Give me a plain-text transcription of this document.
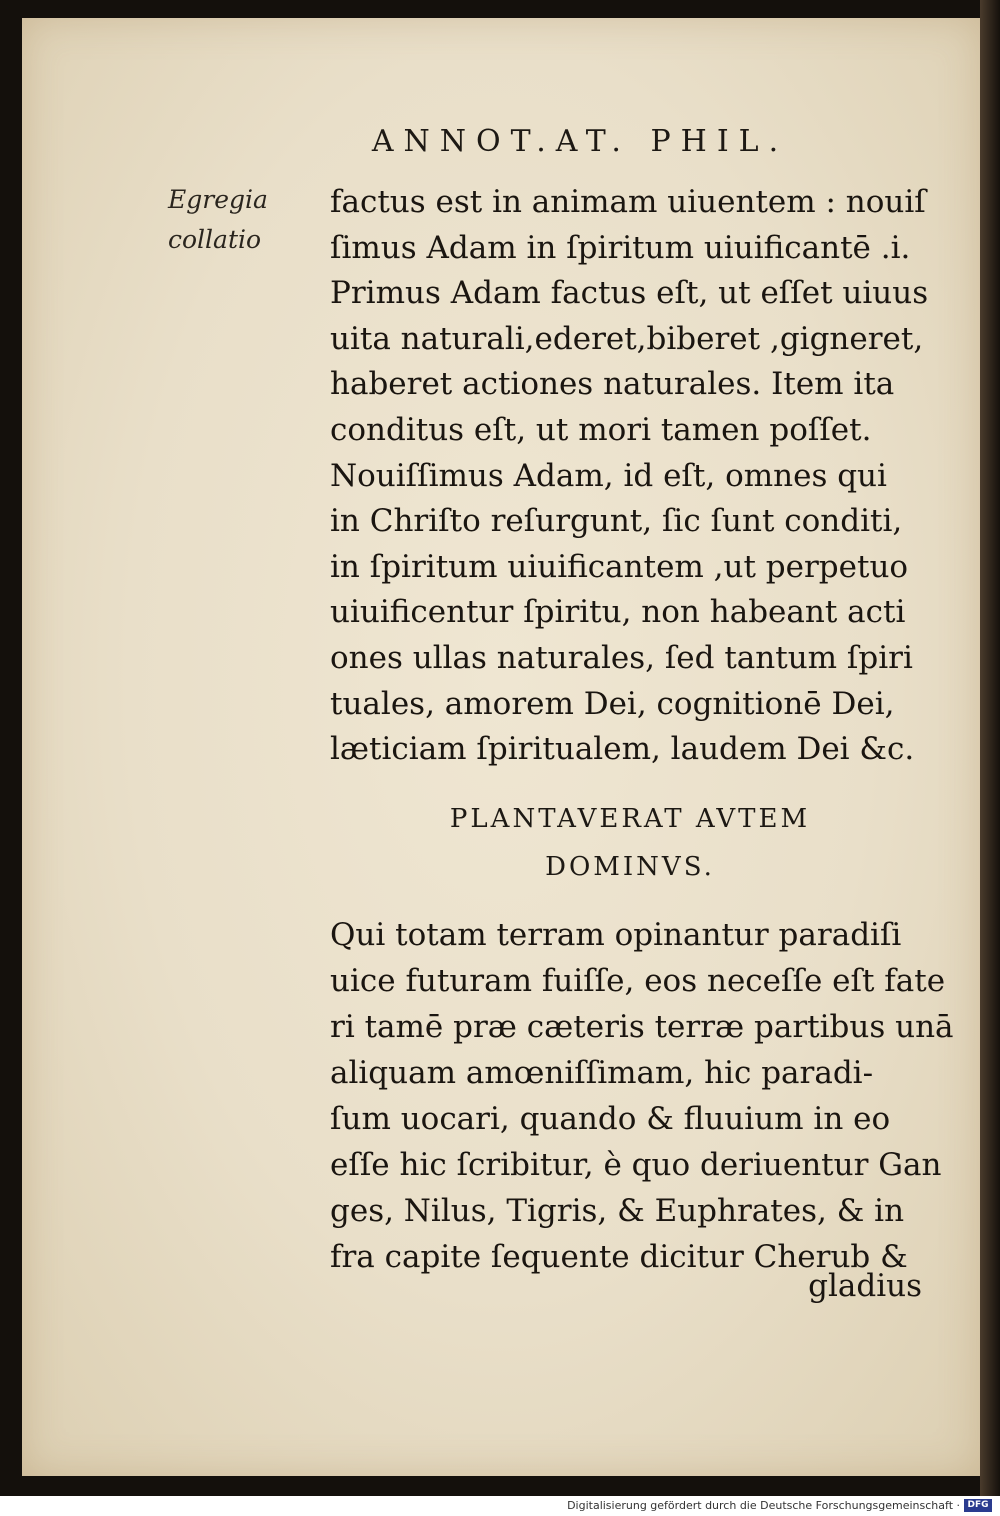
ANNOT.AT. PHIL.
Egregia
collatio
factus est in animam uiuentem : nouiſ
ſimus Adam in ſpiritum uiuificantē .i.
Primus Adam factus eſt, ut eſſet uiuus
uita naturali,ederet,biberet ,gigneret,
haberet actiones naturales. Item ita
conditus eſt, ut mori tamen poſſet.
Nouiſſimus Adam, id eſt, omnes qui
in Chriſto reſurgunt, ſic ſunt conditi,
in ſpiritum uiuificantem ,ut perpetuo
uiuificentur ſpiritu, non habeant acti
ones ullas naturales, ſed tantum ſpiri
tuales, amorem Dei, cognitionē Dei,
læticiam ſpiritualem, laudem Dei &c.
PLANTAVERAT AVTEM
DOMINVS.
Qui totam terram opinantur paradiſi
uice futuram fuiſſe, eos neceſſe eſt fate
ri tamē præ cæteris terræ partibus unā
aliquam amœniſſimam, hic paradi-
ſum uocari, quando & fluuium in eo
eſſe hic ſcribitur, è quo deriuentur Gan
ges, Nilus, Tigris, & Euphrates, & in
fra capite ſequente dicitur Cherub &
gladius
Digitalisierung gefördert durch die Deutsche Forschungsgemeinschaft · DFG
